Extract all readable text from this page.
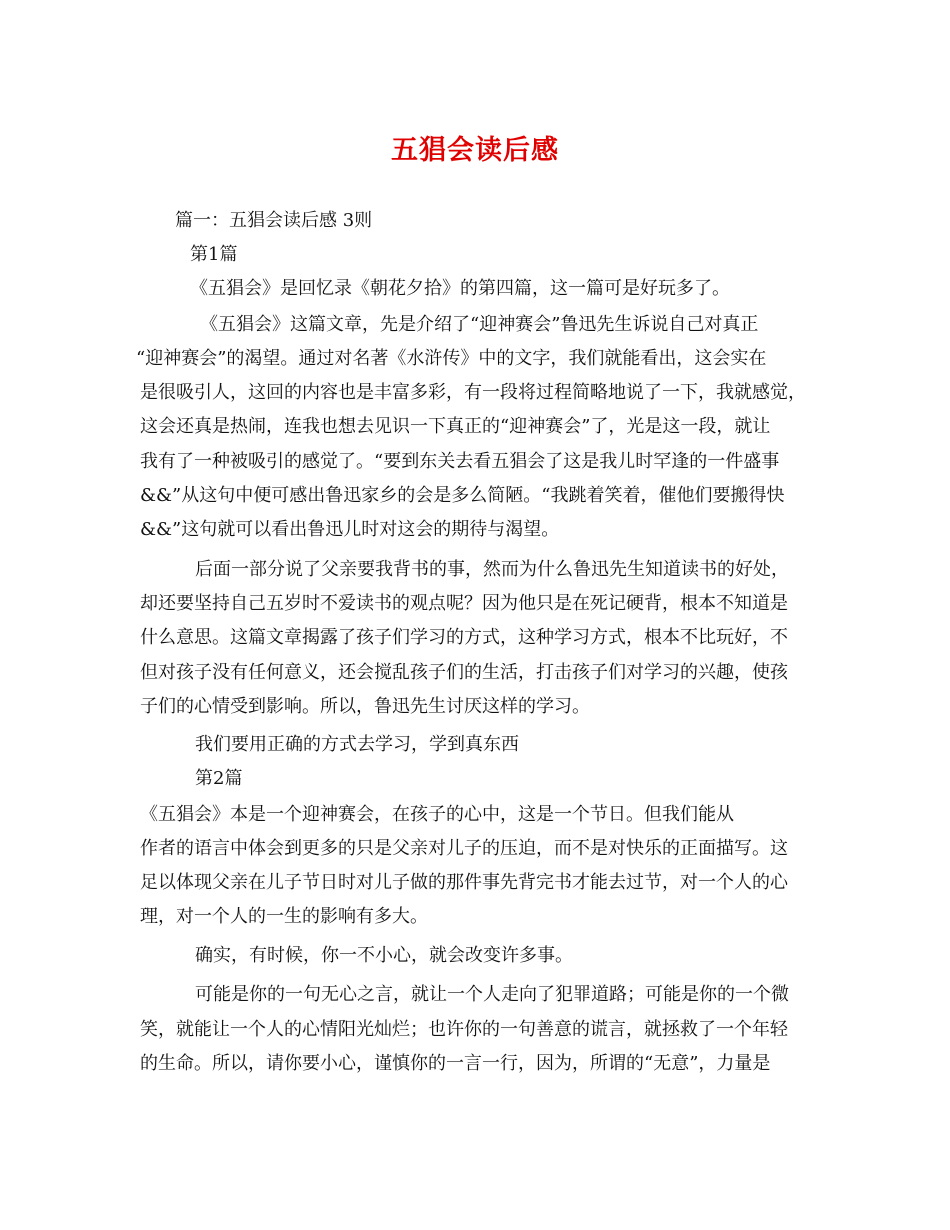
五猖会读后感
篇一：五猖会读后感 3则
第1篇
《五猖会》是回忆录《朝花夕拾》的第四篇，这一篇可是好玩多了。
《五猖会》这篇文章，先是介绍了“迎神赛会”鲁迅先生诉说自己对真正
“迎神赛会”的渴望。通过对名著《水浒传》中的文字，我们就能看出，这会实在
是很吸引人，这回的内容也是丰富多彩，有一段将过程简略地说了一下，我就感觉，
这会还真是热闹，连我也想去见识一下真正的“迎神赛会”了，光是这一段，就让
我有了一种被吸引的感觉了。“要到东关去看五猖会了这是我儿时罕逢的一件盛事
&&”从这句中便可感出鲁迅家乡的会是多么简陋。“我跳着笑着，催他们要搬得快
&&”这句就可以看出鲁迅儿时对这会的期待与渴望。
后面一部分说了父亲要我背书的事，然而为什么鲁迅先生知道读书的好处，
却还要坚持自己五岁时不爱读书的观点呢？因为他只是在死记硬背，根本不知道是
什么意思。这篇文章揭露了孩子们学习的方式，这种学习方式，根本不比玩好，不
但对孩子没有任何意义，还会搅乱孩子们的生活，打击孩子们对学习的兴趣，使孩
子们的心情受到影响。所以，鲁迅先生讨厌这样的学习。
我们要用正确的方式去学习，学到真东西
第2篇
《五猖会》本是一个迎神赛会，在孩子的心中，这是一个节日。但我们能从
作者的语言中体会到更多的只是父亲对儿子的压迫，而不是对快乐的正面描写。这
足以体现父亲在儿子节日时对儿子做的那件事先背完书才能去过节，对一个人的心
理，对一个人的一生的影响有多大。
确实，有时候，你一不小心，就会改变许多事。
可能是你的一句无心之言，就让一个人走向了犯罪道路；可能是你的一个微
笑，就能让一个人的心情阳光灿烂；也许你的一句善意的谎言，就拯救了一个年轻
的生命。所以，请你要小心，谨慎你的一言一行，因为，所谓的“无意”，力量是
